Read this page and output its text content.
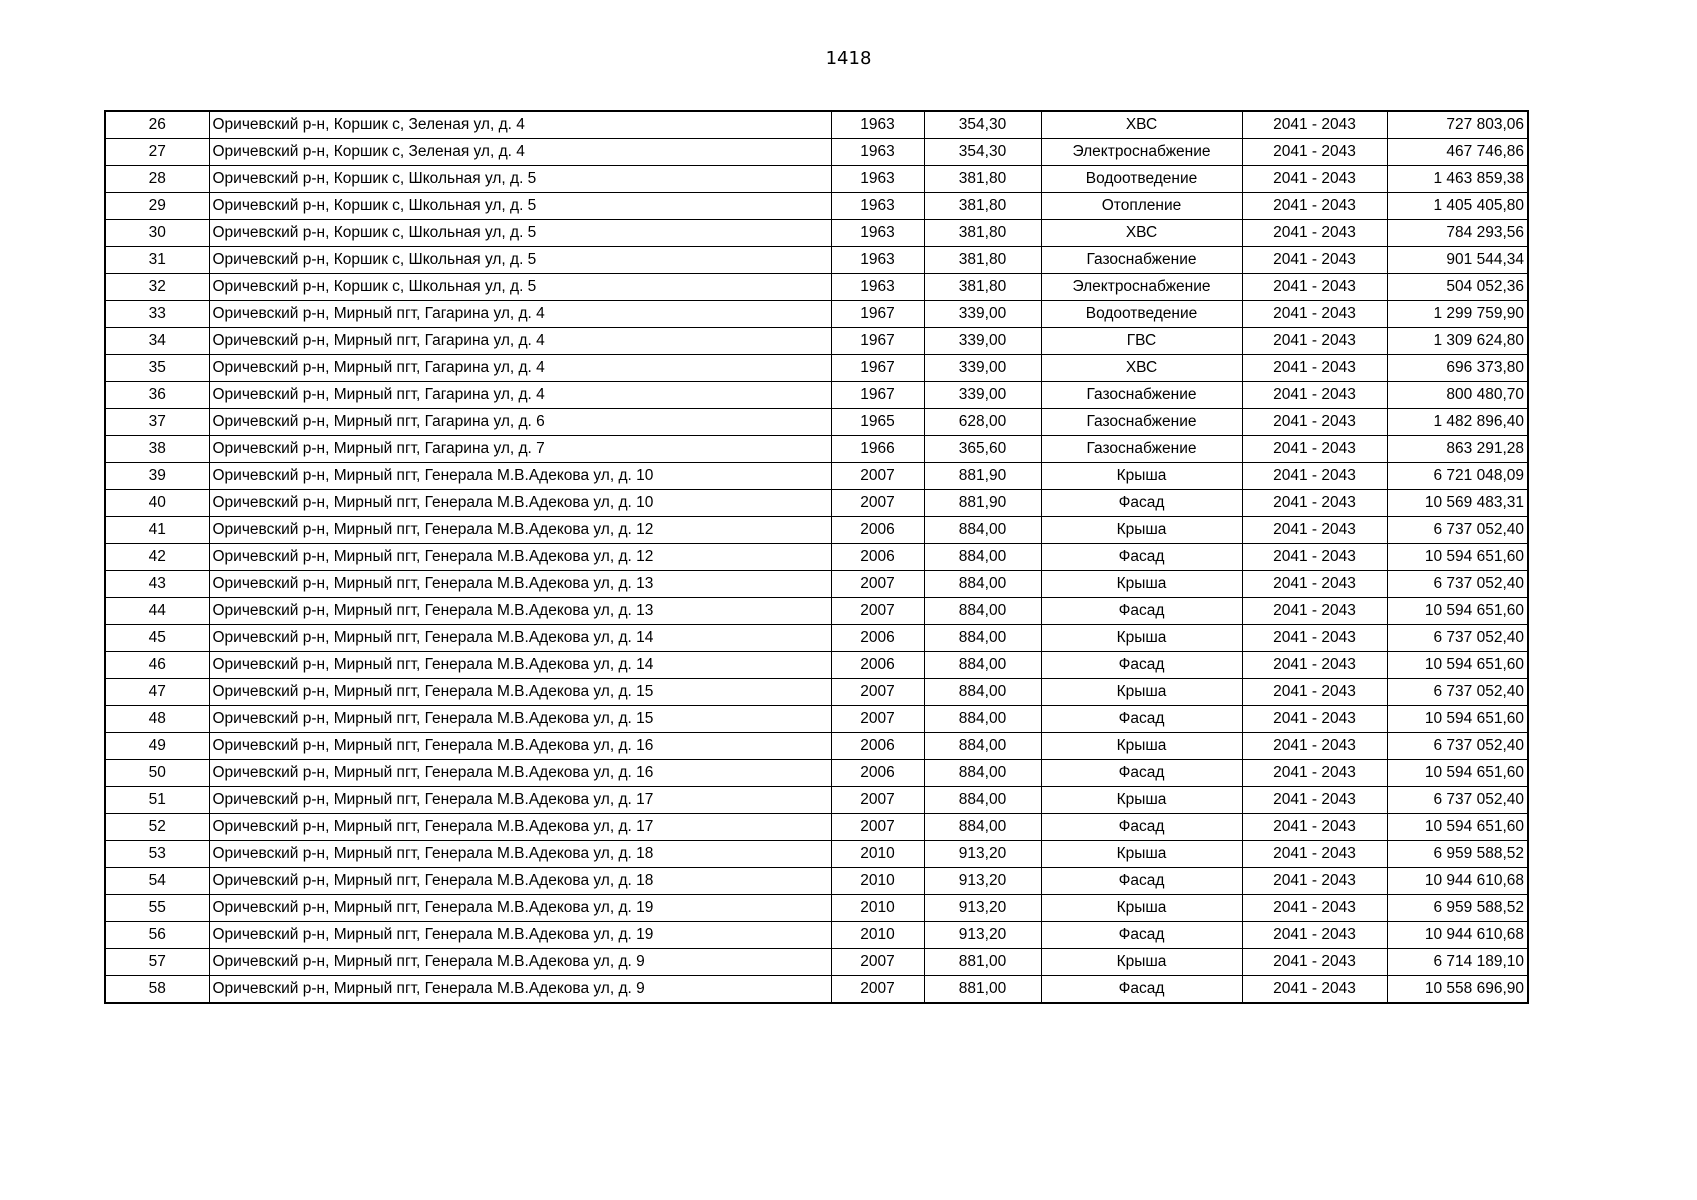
1418
26	Оричевский р-н, Коршик с, Зеленая ул, д. 4	1963	354,30	ХВС	2041 - 2043	727 803,06
27	Оричевский р-н, Коршик с, Зеленая ул, д. 4	1963	354,30	Электроснабжение	2041 - 2043	467 746,86
28	Оричевский р-н, Коршик с, Школьная ул, д. 5	1963	381,80	Водоотведение	2041 - 2043	1 463 859,38
29	Оричевский р-н, Коршик с, Школьная ул, д. 5	1963	381,80	Отопление	2041 - 2043	1 405 405,80
30	Оричевский р-н, Коршик с, Школьная ул, д. 5	1963	381,80	ХВС	2041 - 2043	784 293,56
31	Оричевский р-н, Коршик с, Школьная ул, д. 5	1963	381,80	Газоснабжение	2041 - 2043	901 544,34
32	Оричевский р-н, Коршик с, Школьная ул, д. 5	1963	381,80	Электроснабжение	2041 - 2043	504 052,36
33	Оричевский р-н, Мирный пгт, Гагарина ул, д. 4	1967	339,00	Водоотведение	2041 - 2043	1 299 759,90
34	Оричевский р-н, Мирный пгт, Гагарина ул, д. 4	1967	339,00	ГВС	2041 - 2043	1 309 624,80
35	Оричевский р-н, Мирный пгт, Гагарина ул, д. 4	1967	339,00	ХВС	2041 - 2043	696 373,80
36	Оричевский р-н, Мирный пгт, Гагарина ул, д. 4	1967	339,00	Газоснабжение	2041 - 2043	800 480,70
37	Оричевский р-н, Мирный пгт, Гагарина ул, д. 6	1965	628,00	Газоснабжение	2041 - 2043	1 482 896,40
38	Оричевский р-н, Мирный пгт, Гагарина ул, д. 7	1966	365,60	Газоснабжение	2041 - 2043	863 291,28
39	Оричевский р-н, Мирный пгт, Генерала М.В.Адекова ул, д. 10	2007	881,90	Крыша	2041 - 2043	6 721 048,09
40	Оричевский р-н, Мирный пгт, Генерала М.В.Адекова ул, д. 10	2007	881,90	Фасад	2041 - 2043	10 569 483,31
41	Оричевский р-н, Мирный пгт, Генерала М.В.Адекова ул, д. 12	2006	884,00	Крыша	2041 - 2043	6 737 052,40
42	Оричевский р-н, Мирный пгт, Генерала М.В.Адекова ул, д. 12	2006	884,00	Фасад	2041 - 2043	10 594 651,60
43	Оричевский р-н, Мирный пгт, Генерала М.В.Адекова ул, д. 13	2007	884,00	Крыша	2041 - 2043	6 737 052,40
44	Оричевский р-н, Мирный пгт, Генерала М.В.Адекова ул, д. 13	2007	884,00	Фасад	2041 - 2043	10 594 651,60
45	Оричевский р-н, Мирный пгт, Генерала М.В.Адекова ул, д. 14	2006	884,00	Крыша	2041 - 2043	6 737 052,40
46	Оричевский р-н, Мирный пгт, Генерала М.В.Адекова ул, д. 14	2006	884,00	Фасад	2041 - 2043	10 594 651,60
47	Оричевский р-н, Мирный пгт, Генерала М.В.Адекова ул, д. 15	2007	884,00	Крыша	2041 - 2043	6 737 052,40
48	Оричевский р-н, Мирный пгт, Генерала М.В.Адекова ул, д. 15	2007	884,00	Фасад	2041 - 2043	10 594 651,60
49	Оричевский р-н, Мирный пгт, Генерала М.В.Адекова ул, д. 16	2006	884,00	Крыша	2041 - 2043	6 737 052,40
50	Оричевский р-н, Мирный пгт, Генерала М.В.Адекова ул, д. 16	2006	884,00	Фасад	2041 - 2043	10 594 651,60
51	Оричевский р-н, Мирный пгт, Генерала М.В.Адекова ул, д. 17	2007	884,00	Крыша	2041 - 2043	6 737 052,40
52	Оричевский р-н, Мирный пгт, Генерала М.В.Адекова ул, д. 17	2007	884,00	Фасад	2041 - 2043	10 594 651,60
53	Оричевский р-н, Мирный пгт, Генерала М.В.Адекова ул, д. 18	2010	913,20	Крыша	2041 - 2043	6 959 588,52
54	Оричевский р-н, Мирный пгт, Генерала М.В.Адекова ул, д. 18	2010	913,20	Фасад	2041 - 2043	10 944 610,68
55	Оричевский р-н, Мирный пгт, Генерала М.В.Адекова ул, д. 19	2010	913,20	Крыша	2041 - 2043	6 959 588,52
56	Оричевский р-н, Мирный пгт, Генерала М.В.Адекова ул, д. 19	2010	913,20	Фасад	2041 - 2043	10 944 610,68
57	Оричевский р-н, Мирный пгт, Генерала М.В.Адекова ул, д. 9	2007	881,00	Крыша	2041 - 2043	6 714 189,10
58	Оричевский р-н, Мирный пгт, Генерала М.В.Адекова ул, д. 9	2007	881,00	Фасад	2041 - 2043	10 558 696,90
